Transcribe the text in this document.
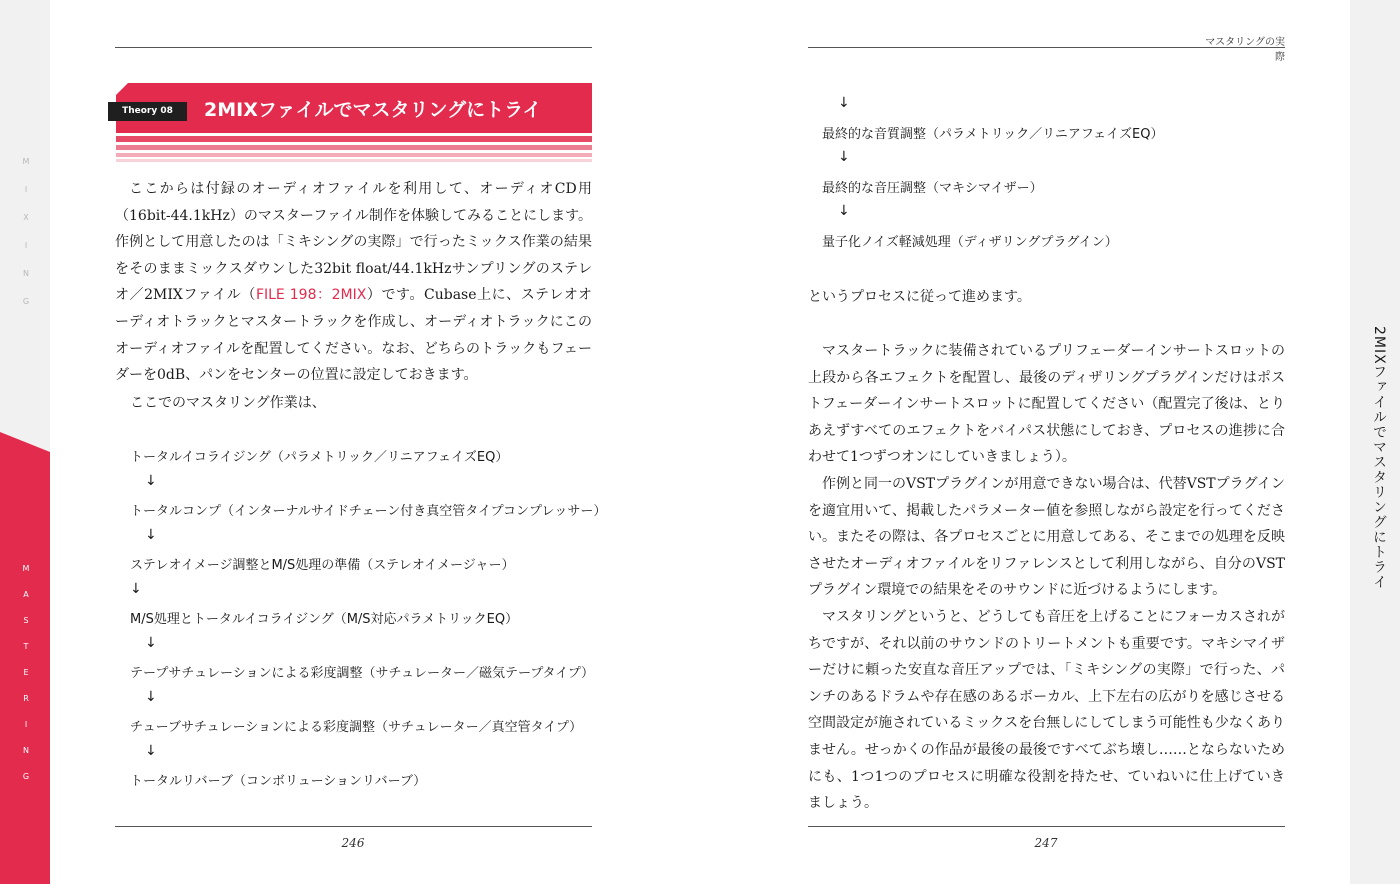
M
I
X
I
N
G
M
A
S
T
E
R
I
N
G
2MIXファイルでマスタリングにトライ
マスタリングの実際
Theory 08	2MIXファイルでマスタリングにトライ

ここからは付録のオーディオファイルを利用して、オーディオCD用（16bit-44.1kHz）のマスターファイル制作を体験してみることにします。作例として用意したのは「ミキシングの実際」で行ったミックス作業の結果をそのままミックスダウンした32bit float/44.1kHzサンプリングのステレオ／2MIXファイル（FILE 198：2MIX）です。Cubase上に、ステレオオーディオトラックとマスタートラックを作成し、オーディオトラックにこのオーディオファイルを配置してください。なお、どちらのトラックもフェーダーを0dB、パンをセンターの位置に設定しておきます。

ここでのマスタリング作業は、
トータルイコライジング（パラメトリック／リニアフェイズEQ）
↓
トータルコンプ（インターナルサイドチェーン付き真空管タイプコンプレッサー）
↓
ステレオイメージ調整とM/S処理の準備（ステレオイメージャー）
↓
M/S処理とトータルイコライジング（M/S対応パラメトリックEQ）
↓
テープサチュレーションによる彩度調整（サチュレーター／磁気テープタイプ）
↓
チューブサチュレーションによる彩度調整（サチュレーター／真空管タイプ）
↓
トータルリバーブ（コンボリューションリバーブ）
↓
最終的な音質調整（パラメトリック／リニアフェイズEQ）
↓
最終的な音圧調整（マキシマイザー）
↓
量子化ノイズ軽減処理（ディザリングプラグイン）
というプロセスに従って進めます。

マスタートラックに装備されているプリフェーダーインサートスロットの上段から各エフェクトを配置し、最後のディザリングプラグインだけはポストフェーダーインサートスロットに配置してください（配置完了後は、とりあえずすべてのエフェクトをバイパス状態にしておき、プロセスの進捗に合わせて1つずつオンにしていきましょう）。

作例と同一のVSTプラグインが用意できない場合は、代替VSTプラグインを適宜用いて、掲載したパラメーター値を参照しながら設定を行ってください。またその際は、各プロセスごとに用意してある、そこまでの処理を反映させたオーディオファイルをリファレンスとして利用しながら、自分のVSTプラグイン環境での結果をそのサウンドに近づけるようにします。

マスタリングというと、どうしても音圧を上げることにフォーカスされがちですが、それ以前のサウンドのトリートメントも重要です。マキシマイザーだけに頼った安直な音圧アップでは、「ミキシングの実際」で行った、パンチのあるドラムや存在感のあるボーカル、上下左右の広がりを感じさせる空間設定が施されているミックスを台無しにしてしまう可能性も少なくありません。せっかくの作品が最後の最後ですべてぶち壊し……とならないためにも、1つ1つのプロセスに明確な役割を持たせ、ていねいに仕上げていきましょう。

246	247
